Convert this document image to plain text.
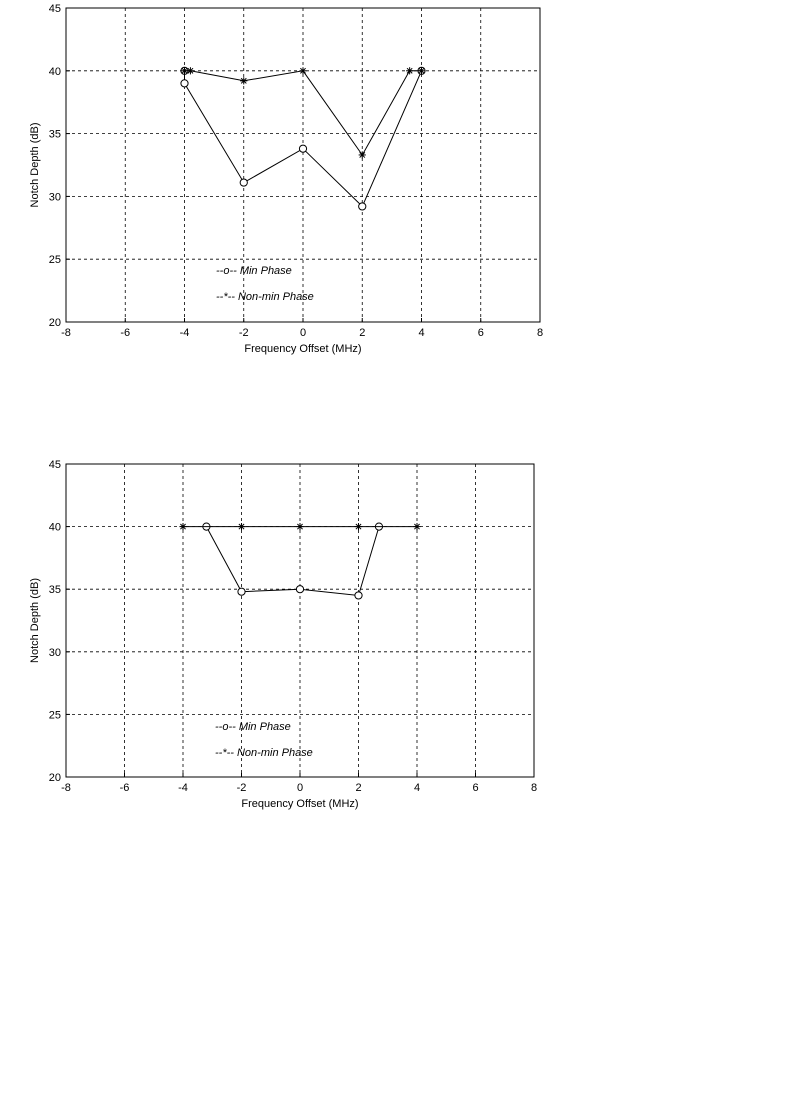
-8	-6	-4	-2	0	2	4	6	8
20
25
30
35
40
45
Frequency Offset (MHz)
Notch Depth (dB)
--o-- Min Phase
--*-- Non-min Phase
-8	-6	-4	-2	0	2	4	6	8
20
25
30
35
40
45
Frequency Offset (MHz)
Notch Depth (dB)
--o-- Min Phase
--*-- Non-min Phase
